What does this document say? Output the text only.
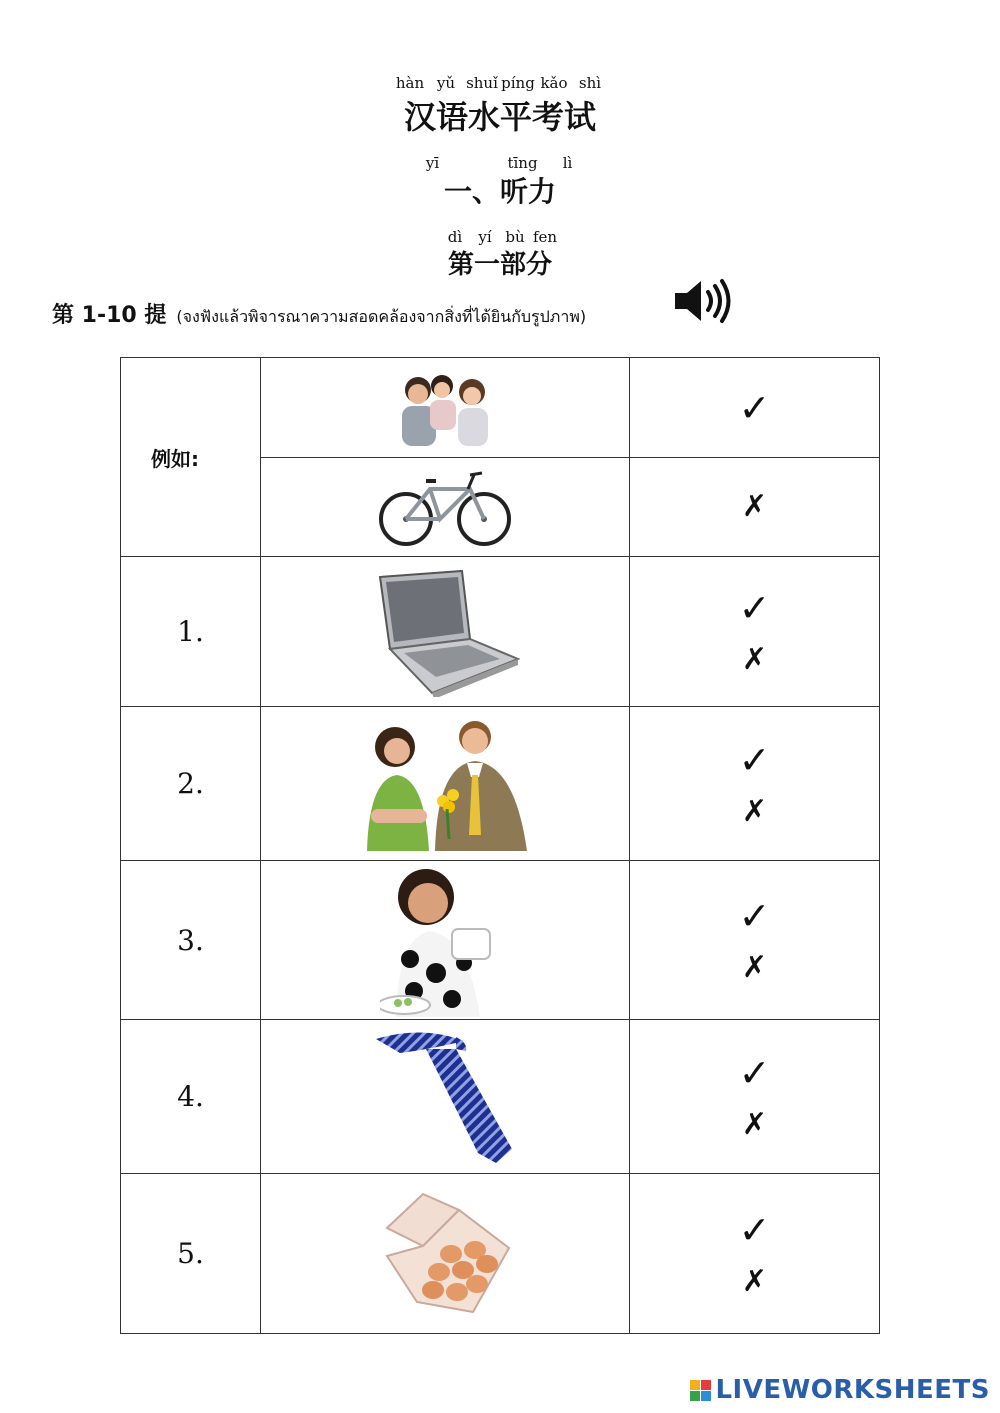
hàn yǔ shuǐ píng kǎo shì
汉语水平考试
yī	tīng lì
一、听力
dì yí bù fen
第一部分
第 1-10 提 (จงฟังแล้วพิจารณาความสอดคล้องจากสิ่งที่ได้ยินกับรูปภาพ)
例如:		✓

✗

1.		✓
✗

2.		✓
✗

3.		✓
✗

4.		✓
✗

5.		✓
✗
LIVEWORKSHEETS
